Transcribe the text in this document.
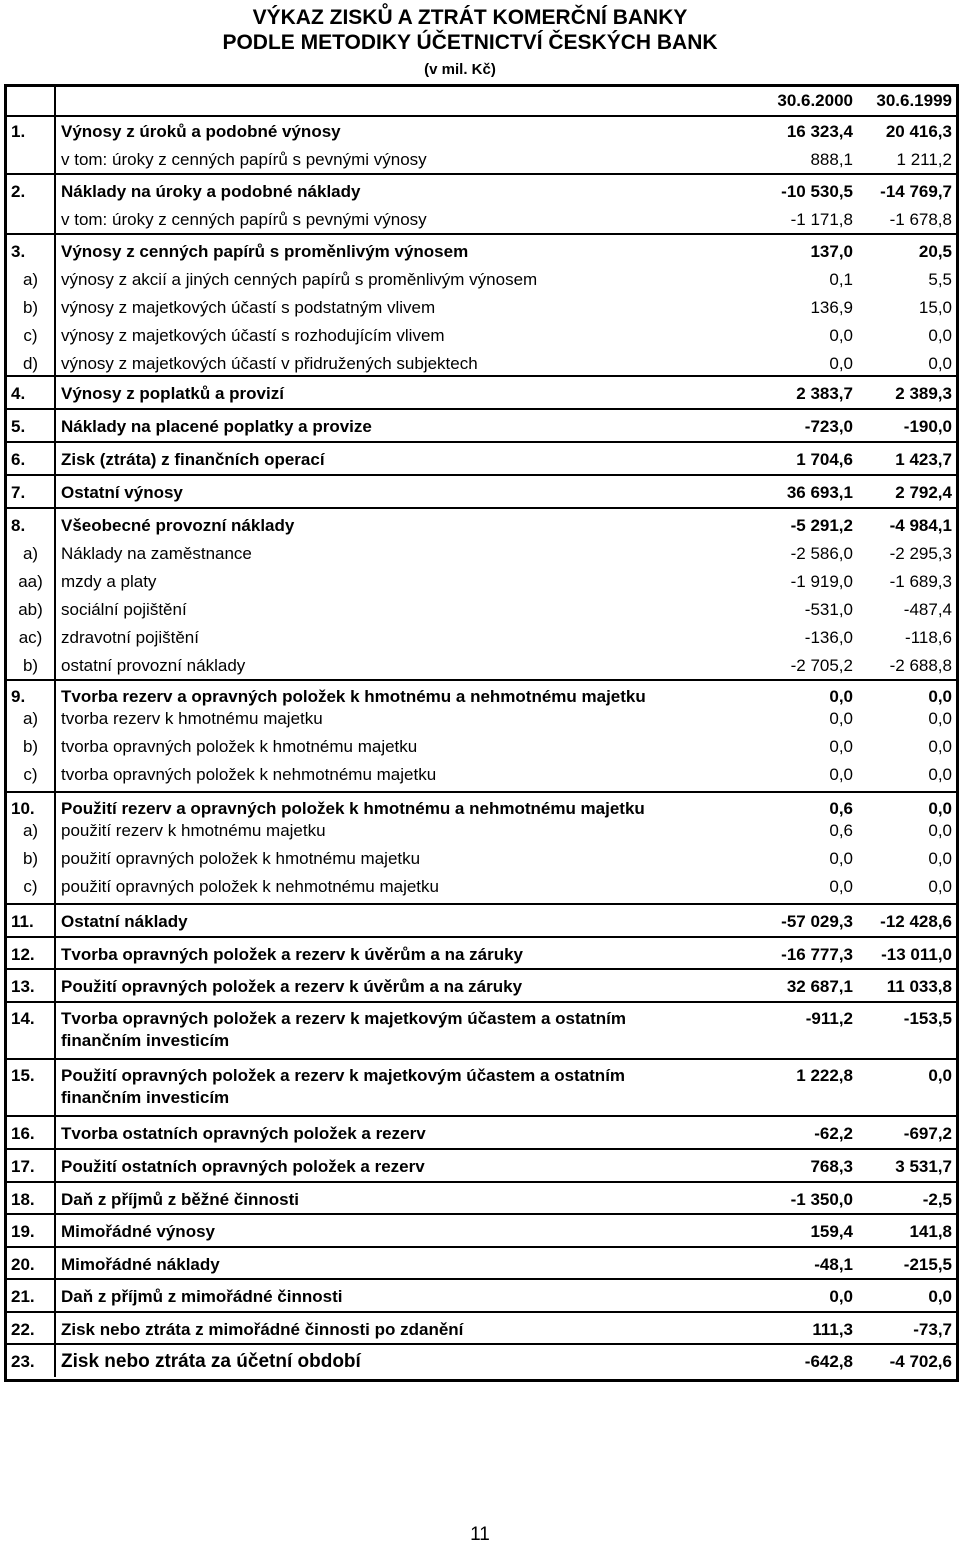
VÝKAZ ZISKŮ A ZTRÁT KOMERČNÍ BANKY
PODLE METODIKY ÚČETNICTVÍ ČESKÝCH BANK
(v mil. Kč)
30.6.2000 30.6.1999
1.	Výnosy z úroků a podobné výnosy	16 323,4 20 416,3
v tom: úroky z cenných papírů s pevnými výnosy	888,1	1 211,2
2.	Náklady na úroky a podobné náklady	-10 530,5 -14 769,7
v tom: úroky z cenných papírů s pevnými výnosy	-1 171,8 -1 678,8
3.	Výnosy z cenných papírů s proměnlivým výnosem	137,0	20,5
a)	výnosy z akcií a jiných cenných papírů s proměnlivým výnosem	0,1	5,5
b)	výnosy z majetkových účastí s podstatným vlivem	136,9	15,0
c)	výnosy z majetkových účastí s rozhodujícím vlivem	0,0	0,0
d)	výnosy z majetkových účastí v přidružených subjektech	0,0	0,0
4.	Výnosy z poplatků a provizí	2 383,7 2 389,3
5.	Náklady na placené poplatky a provize	-723,0	-190,0
6.	Zisk (ztráta) z finančních operací	1 704,6 1 423,7
7.	Ostatní výnosy	36 693,1 2 792,4
8.	Všeobecné provozní náklady	-5 291,2 -4 984,1
a)	Náklady na zaměstnance	-2 586,0 -2 295,3
aa)	mzdy a platy	-1 919,0 -1 689,3
ab)	sociální pojištění	-531,0	-487,4
ac)	zdravotní pojištění	-136,0	-118,6
b)	ostatní provozní náklady	-2 705,2 -2 688,8
9.	Tvorba rezerv a opravných položek k hmotnému a nehmotnému majetku	0,0	0,0
a)	tvorba rezerv k hmotnému majetku	0,0	0,0
b)	tvorba opravných položek k hmotnému majetku	0,0	0,0
c)	tvorba opravných položek k nehmotnému majetku	0,0	0,0
10.	Použití rezerv a opravných položek k hmotnému a nehmotnému majetku	0,6	0,0
a)	použití rezerv k hmotnému majetku	0,6	0,0
b)	použití opravných položek k hmotnému majetku	0,0	0,0
c)	použití opravných položek k nehmotnému majetku	0,0	0,0
11.	Ostatní náklady	-57 029,3 -12 428,6
12.	Tvorba opravných položek a rezerv k úvěrům a na záruky	-16 777,3 -13 011,0
13.	Použití opravných položek a rezerv k úvěrům a na záruky	32 687,1 11 033,8
14.	Tvorba opravných položek a rezerv k majetkovým účastem a ostatním	-911,2	-153,5
finančním investicím
15.	Použití opravných položek a rezerv k majetkovým účastem a ostatním	1 222,8	0,0
finančním investicím
16.	Tvorba ostatních opravných položek a rezerv	-62,2	-697,2
17.	Použití ostatních opravných položek a rezerv	768,3 3 531,7
18.	Daň z příjmů z běžné činnosti	-1 350,0	-2,5
19.	Mimořádné výnosy	159,4	141,8
20.	Mimořádné náklady	-48,1	-215,5
21.	Daň z příjmů z mimořádné činnosti	0,0	0,0
22.	Zisk nebo ztráta z mimořádné činnosti po zdanění	111,3	-73,7
23.	Zisk nebo ztráta za účetní období	-642,8 -4 702,6
11
